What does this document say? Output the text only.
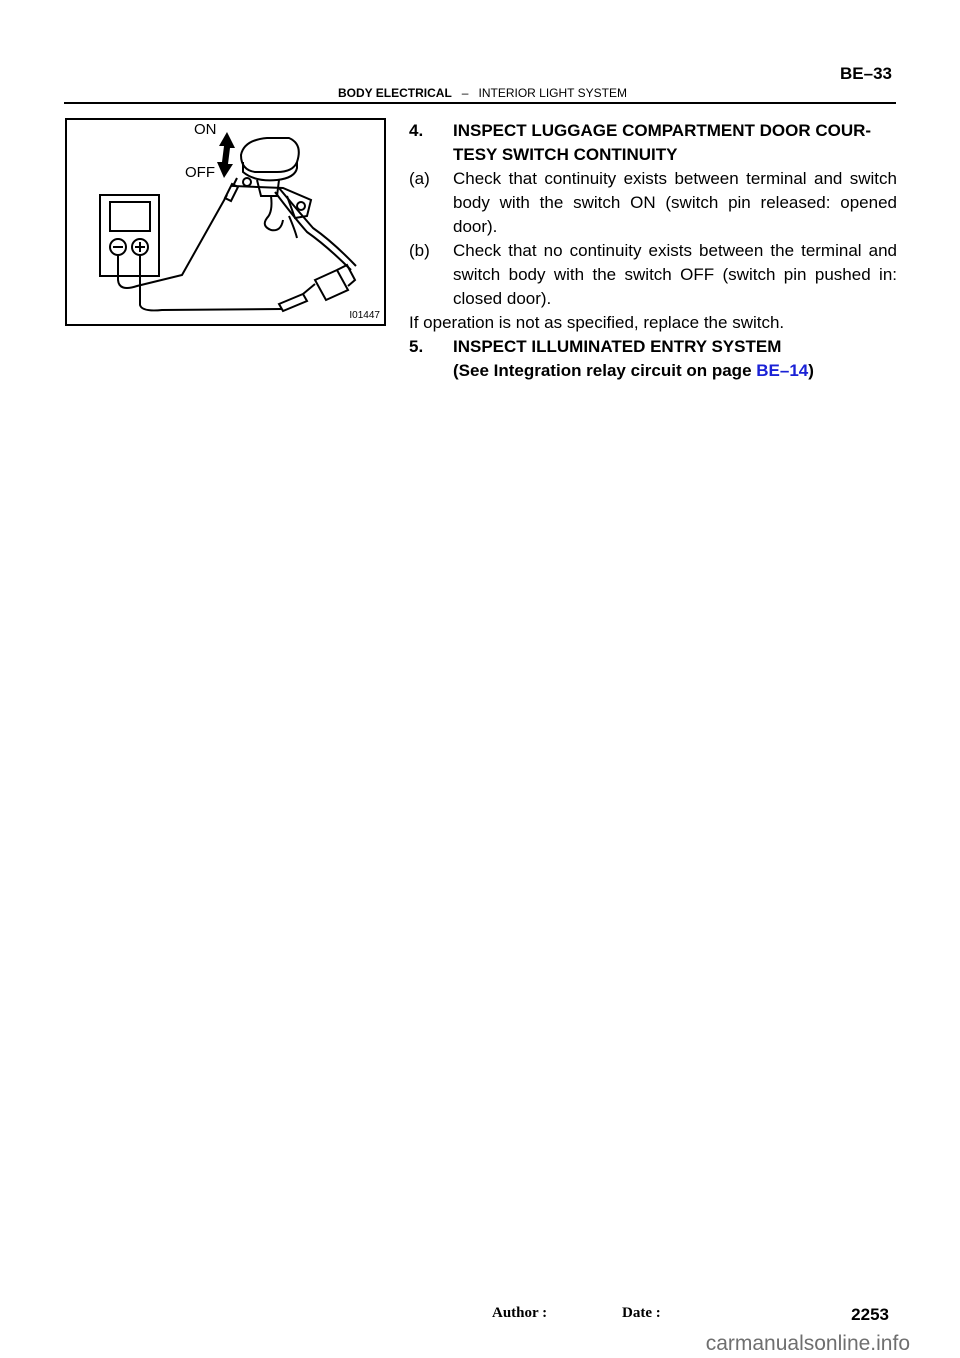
BE–33
BODY ELECTRICAL – INTERIOR LIGHT SYSTEM
ON
OFF
I01447
4.	INSPECT LUGGAGE COMPARTMENT DOOR COUR-
TESY SWITCH CONTINUITY
(a)	Check that continuity exists between terminal and switch body with the switch ON (switch pin released: opened door).
(b)	Check that no continuity exists between the terminal and switch body with the switch OFF (switch pin pushed in: closed door).
If operation is not as specified, replace the switch.
5.	INSPECT ILLUMINATED ENTRY SYSTEM
(See Integration relay circuit on page BE–14)
Author :	Date :	2253
carmanualsonline.info
